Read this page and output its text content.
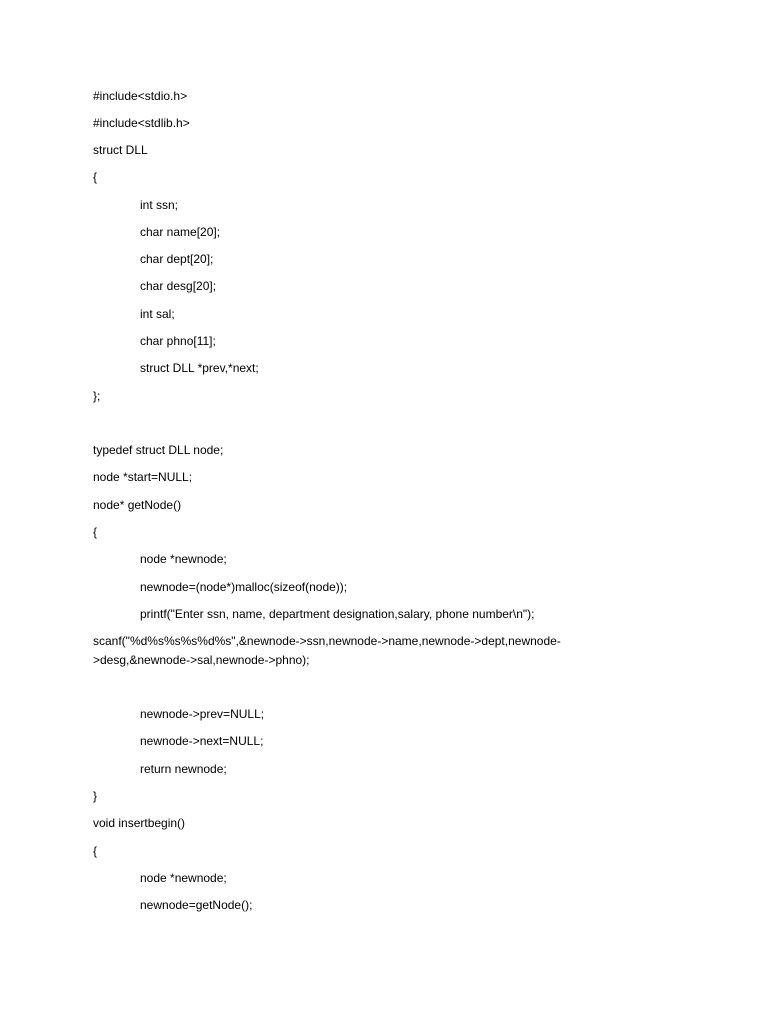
#include<stdio.h>
#include<stdlib.h>
struct DLL
{
int ssn;
char name[20];
char dept[20];
char desg[20];
int sal;
char phno[11];
struct DLL *prev,*next;
};
typedef struct DLL node;
node *start=NULL;
node* getNode()
{
node *newnode;
newnode=(node*)malloc(sizeof(node));
printf("Enter ssn, name, department designation,salary, phone number\n");
scanf("%d%s%s%s%d%s",&newnode->ssn,newnode->name,newnode->dept,newnode-
>desg,&newnode->sal,newnode->phno);
newnode->prev=NULL;
newnode->next=NULL;
return newnode;
}
void insertbegin()
{
node *newnode;
newnode=getNode();
